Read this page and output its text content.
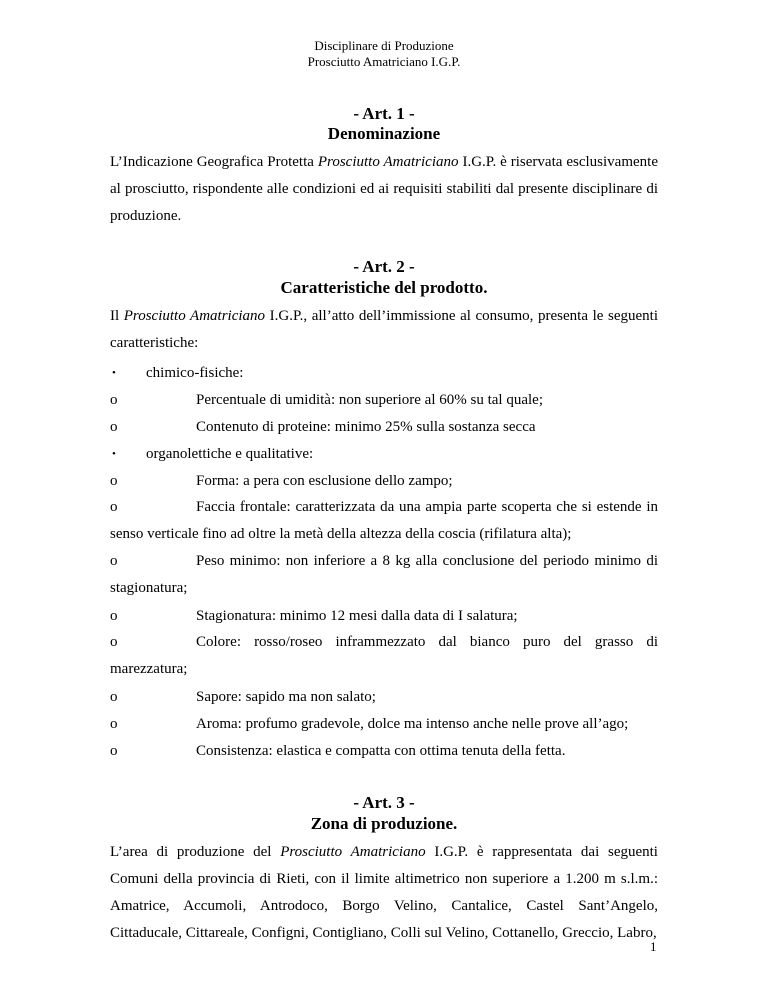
Disciplinare di Produzione
Prosciutto Amatriciano I.G.P.
- Art. 1 -
Denominazione
L’Indicazione Geografica Protetta Prosciutto Amatriciano I.G.P. è riservata esclusivamente al prosciutto, rispondente alle condizioni ed ai requisiti stabiliti dal presente disciplinare di produzione.
- Art. 2 -
Caratteristiche del prodotto.
Il Prosciutto Amatriciano I.G.P., all’atto dell’immissione al consumo, presenta le seguenti caratteristiche:
• chimico-fisiche:
o	Percentuale di umidità: non superiore al 60% su tal quale;
o	Contenuto di proteine: minimo 25% sulla sostanza secca
• organolettiche e qualitative:
o	Forma: a pera con esclusione dello zampo;
o	Faccia frontale: caratterizzata da una ampia parte scoperta che si estende in senso verticale fino ad oltre la metà della altezza della coscia (rifilatura alta);
o	Peso minimo: non inferiore a 8 kg alla conclusione del periodo minimo di stagionatura;
o	Stagionatura: minimo 12 mesi dalla data di I salatura;
o	Colore: rosso/roseo inframmezzato dal bianco puro del grasso di marezzatura;
o	Sapore: sapido ma non salato;
o	Aroma: profumo gradevole, dolce ma intenso anche nelle prove all’ago;
o	Consistenza: elastica e compatta con ottima tenuta della fetta.
- Art. 3 -
Zona di produzione.
L’area di produzione del Prosciutto Amatriciano I.G.P. è rappresentata dai seguenti Comuni della provincia di Rieti, con il limite altimetrico non superiore a 1.200 m s.l.m.: Amatrice, Accumoli, Antrodoco, Borgo Velino, Cantalice, Castel Sant’Angelo, Cittaducale, Cittareale, Configni, Contigliano, Colli sul Velino, Cottanello, Greccio, Labro,
1
